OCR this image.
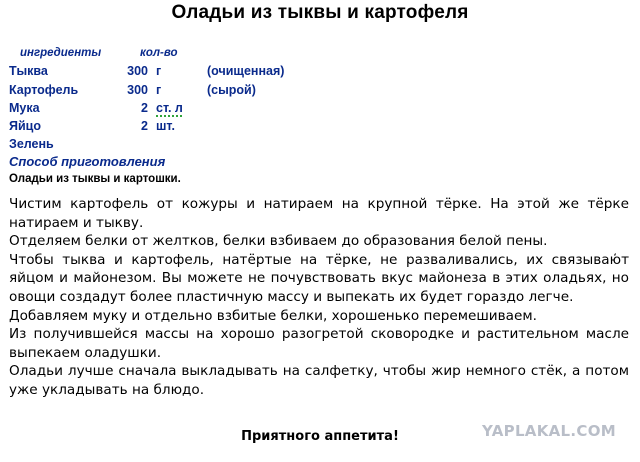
Оладьи из тыквы и картофеля
ингредиенты	кол-во
Тыква	300 г	(очищенная)
Картофель	300 г	(сырой)
Мука	2 ст. л
Яйцо	2 шт.
Зелень
Способ приготовления
Оладьи из тыквы и картошки.

Чистим картофель от кожуры и натираем на крупной тёрке. На этой же тёрке натираем и тыкву.

Отделяем белки от желтков, белки взбиваем до образования белой пены.

Чтобы тыква и картофель, натёртые на тёрке, не разваливались, их связываю̒т яйцом и майонезом. Вы можете не почувствовать вкус майонеза в этих оладьях, но овощи создадут более пластичную массу и выпекать их будет гораздо легче.

Добавляем муку и отдельно взбитые белки, хорошенько перемешиваем.

Из получившейся массы на хорошо разогретой сковородке и растительном масле выпекаем оладушки.

Оладьи лучше сначала выкладывать на салфетку, чтобы жир немного стёк, а потом уже укладывать на блюдо.

YAPLAKAL.COM
Приятного аппетита!
